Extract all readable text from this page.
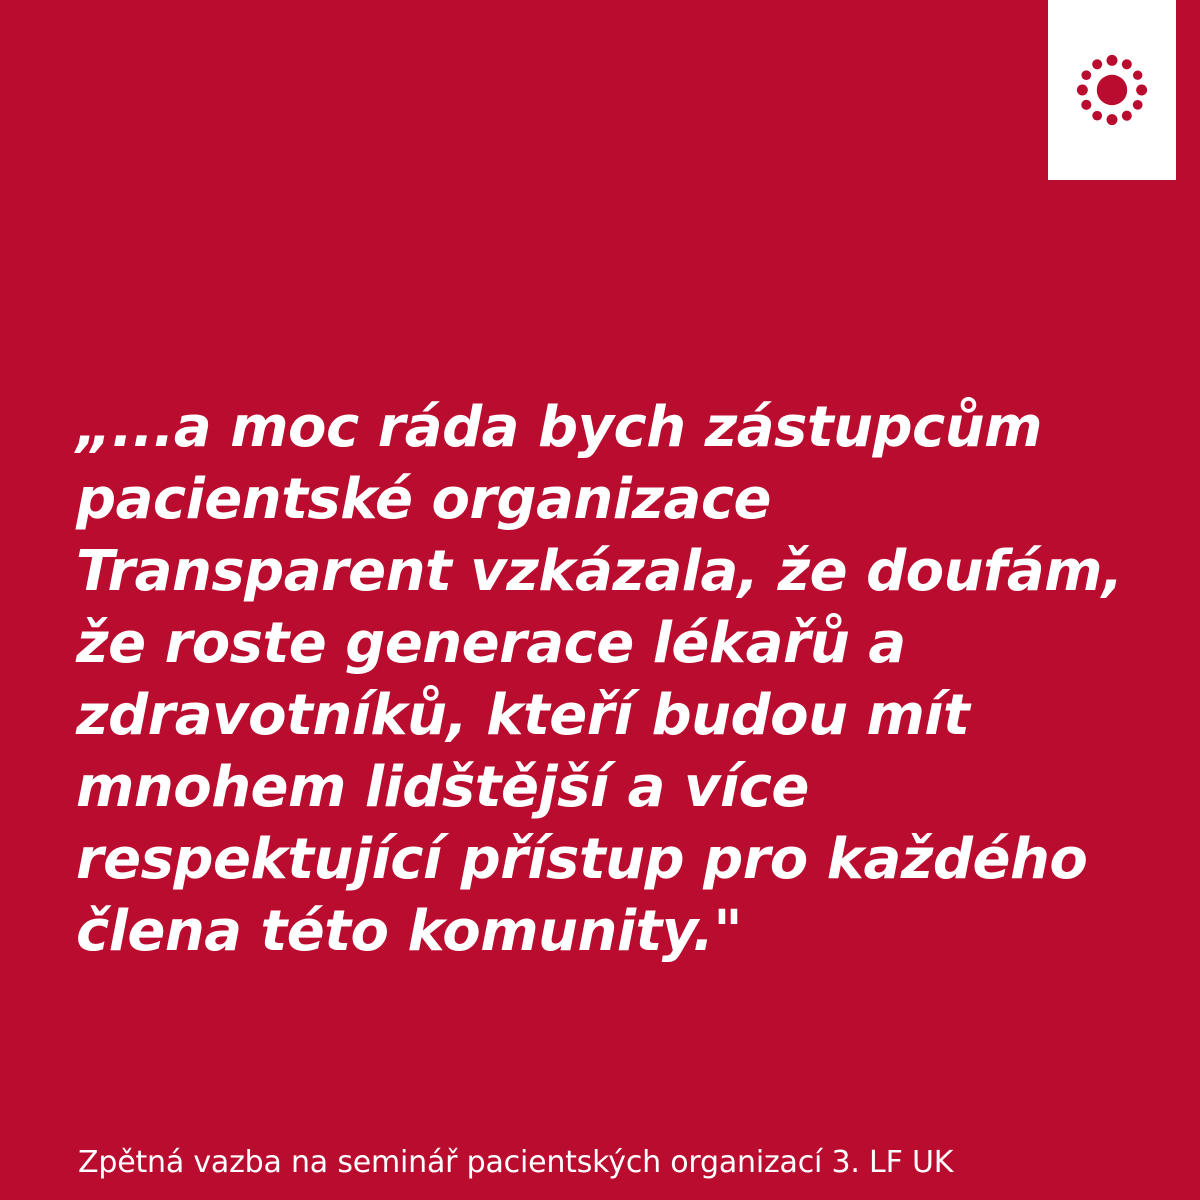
„...a moc ráda bych zástupcům pacientské organizace Transparent vzkázala, že doufám, že roste generace lékařů a zdravotníků, kteří budou mít mnohem lidštější a více respektující přístup pro každého člena této komunity."
Zpětná vazba na seminář pacientských organizací 3. LF UK
